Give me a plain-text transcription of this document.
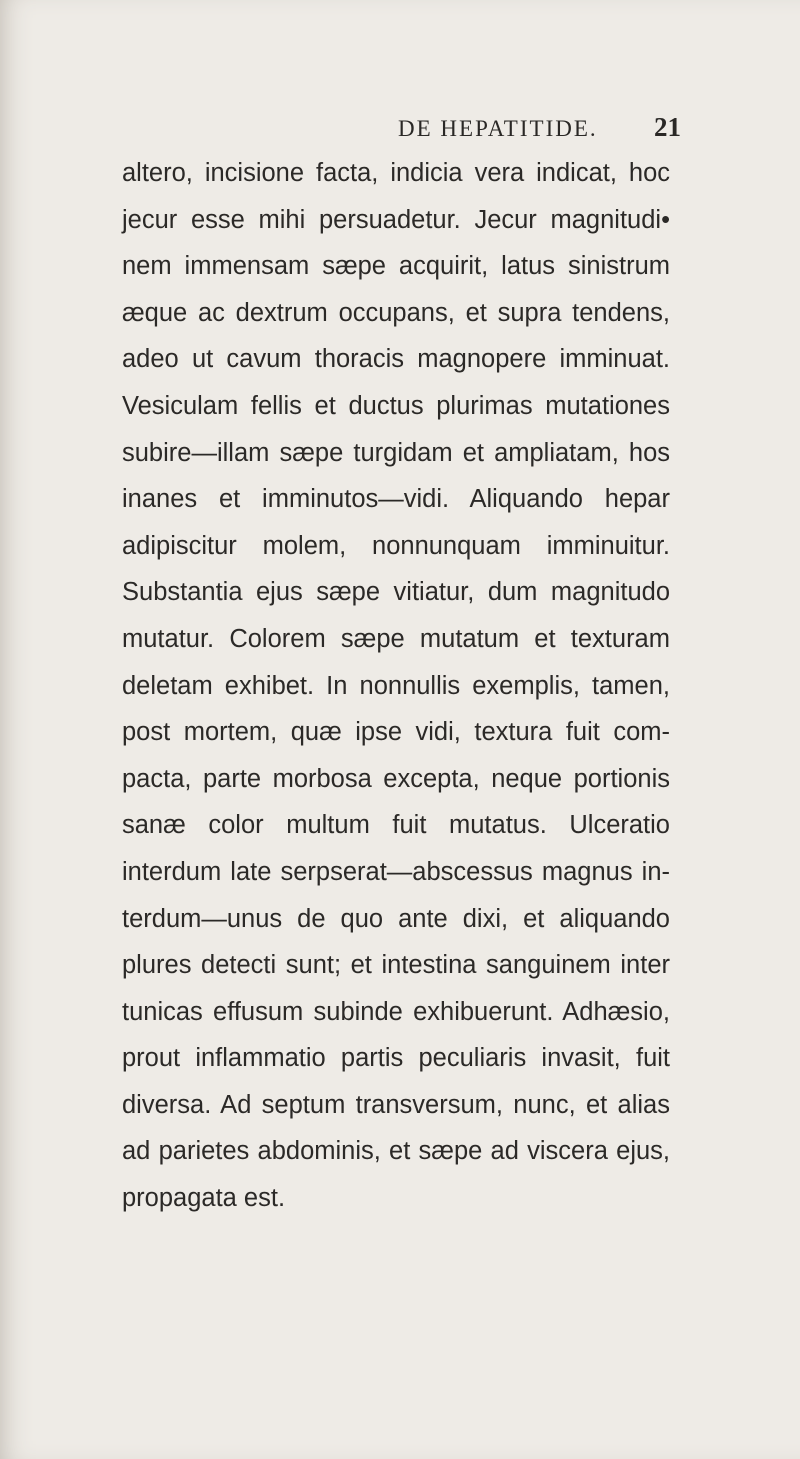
DE HEPATITIDE. 21
altero, incisione facta, indicia vera indicat, hoc
jecur esse mihi persuadetur. Jecur magnitudi•
nem immensam sæpe acquirit, latus sinistrum
æque ac dextrum occupans, et supra tendens,
adeo ut cavum thoracis magnopere imminuat.
Vesiculam fellis et ductus plurimas mutationes
subire—illam sæpe turgidam et ampliatam, hos
inanes et imminutos—vidi. Aliquando hepar
adipiscitur molem, nonnunquam imminuitur.
Substantia ejus sæpe vitiatur, dum magnitudo
mutatur. Colorem sæpe mutatum et texturam
deletam exhibet. In nonnullis exemplis, tamen,
post mortem, quæ ipse vidi, textura fuit com-
pacta, parte morbosa excepta, neque portionis
sanæ color multum fuit mutatus. Ulceratio
interdum late serpserat—abscessus magnus in-
terdum—unus de quo ante dixi, et aliquando
plures detecti sunt; et intestina sanguinem inter
tunicas effusum subinde exhibuerunt. Adhæsio,
prout inflammatio partis peculiaris invasit, fuit
diversa. Ad septum transversum, nunc, et alias
ad parietes abdominis, et sæpe ad viscera ejus,
propagata est.
